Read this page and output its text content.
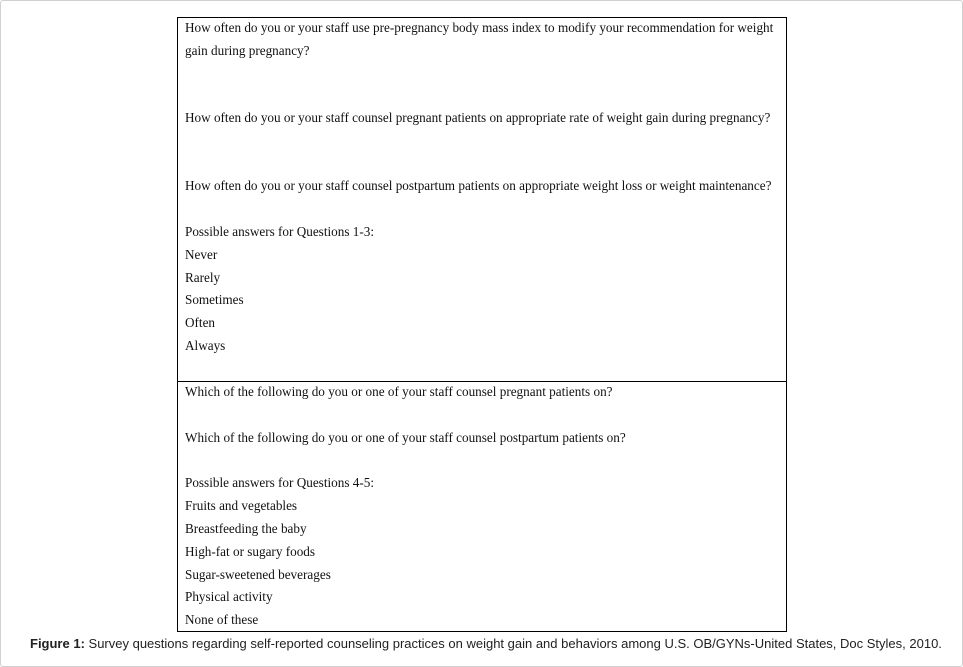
How often do you or your staff use pre-pregnancy body mass index to modify your recommendation for weight
gain during pregnancy?
How often do you or your staff counsel pregnant patients on appropriate rate of weight gain during pregnancy?
How often do you or your staff counsel postpartum patients on appropriate weight loss or weight maintenance?
Possible answers for Questions 1-3:
Never
Rarely
Sometimes
Often
Always
Which of the following do you or one of your staff counsel pregnant patients on?
Which of the following do you or one of your staff counsel postpartum patients on?
Possible answers for Questions 4-5:
Fruits and vegetables
Breastfeeding the baby
High-fat or sugary foods
Sugar-sweetened beverages
Physical activity
None of these
Figure 1: Survey questions regarding self-reported counseling practices on weight gain and behaviors among U.S. OB/GYNs-United States, Doc Styles, 2010.
